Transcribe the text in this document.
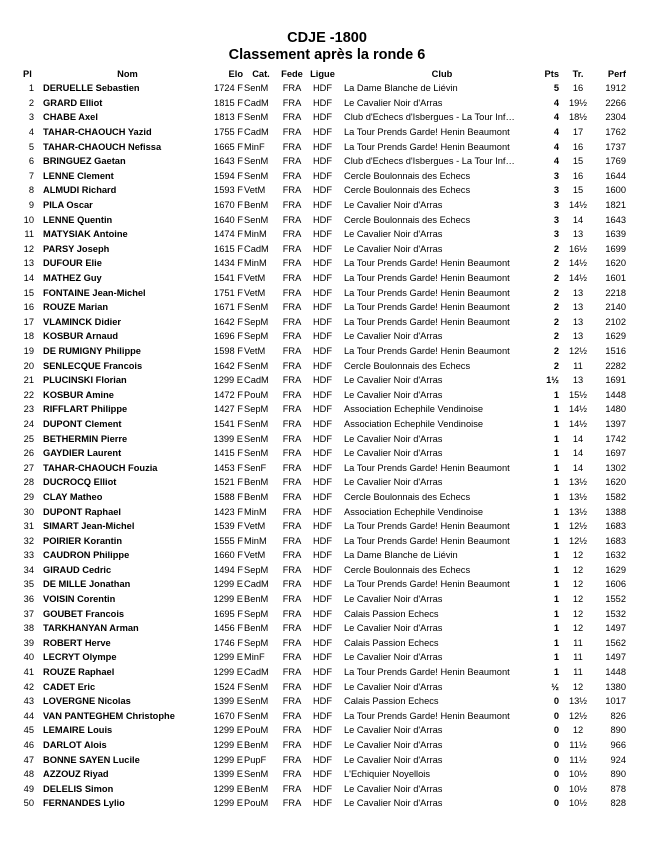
CDJE -1800
Classement après la ronde 6
Pl	Nom	Elo	Cat.	Fede	Ligue	Club	Pts	Tr.	Perf
1	DERUELLE Sebastien	1724 F	SenM	FRA	HDF	La Dame Blanche de Liévin	5	16	1912
2	GRARD Elliot	1815 F	CadM	FRA	HDF	Le Cavalier Noir d'Arras	4	19½	2266
3	CHABE Axel	1813 F	SenM	FRA	HDF	Club d'Echecs d'Isbergues - La Tour Inf…	4	18½	2304
4	TAHAR-CHAOUCH Yazid	1755 F	CadM	FRA	HDF	La Tour Prends Garde! Henin Beaumont	4	17	1762
5	TAHAR-CHAOUCH Nefissa	1665 F	MinF	FRA	HDF	La Tour Prends Garde! Henin Beaumont	4	16	1737
6	BRINGUEZ Gaetan	1643 F	SenM	FRA	HDF	Club d'Echecs d'Isbergues - La Tour Inf…	4	15	1769
7	LENNE Clement	1594 F	SenM	FRA	HDF	Cercle Boulonnais des Echecs	3	16	1644
8	ALMUDI Richard	1593 F	VetM	FRA	HDF	Cercle Boulonnais des Echecs	3	15	1600
9	PILA Oscar	1670 F	BenM	FRA	HDF	Le Cavalier Noir d'Arras	3	14½	1821
10	LENNE Quentin	1640 F	SenM	FRA	HDF	Cercle Boulonnais des Echecs	3	14	1643
11	MATYSIAK Antoine	1474 F	MinM	FRA	HDF	Le Cavalier Noir d'Arras	3	13	1639
12	PARSY Joseph	1615 F	CadM	FRA	HDF	Le Cavalier Noir d'Arras	2	16½	1699
13	DUFOUR Elie	1434 F	MinM	FRA	HDF	La Tour Prends Garde! Henin Beaumont	2	14½	1620
14	MATHEZ Guy	1541 F	VetM	FRA	HDF	La Tour Prends Garde! Henin Beaumont	2	14½	1601
15	FONTAINE Jean-Michel	1751 F	VetM	FRA	HDF	La Tour Prends Garde! Henin Beaumont	2	13	2218
16	ROUZE Marian	1671 F	SenM	FRA	HDF	La Tour Prends Garde! Henin Beaumont	2	13	2140
17	VLAMINCK Didier	1642 F	SepM	FRA	HDF	La Tour Prends Garde! Henin Beaumont	2	13	2102
18	KOSBUR Arnaud	1696 F	SepM	FRA	HDF	Le Cavalier Noir d'Arras	2	13	1629
19	DE RUMIGNY Philippe	1598 F	VetM	FRA	HDF	La Tour Prends Garde! Henin Beaumont	2	12½	1516
20	SENLECQUE Francois	1642 F	SenM	FRA	HDF	Cercle Boulonnais des Echecs	2	11	2282
21	PLUCINSKI Florian	1299 E	CadM	FRA	HDF	Le Cavalier Noir d'Arras	1½	13	1691
22	KOSBUR Amine	1472 F	PouM	FRA	HDF	Le Cavalier Noir d'Arras	1	15½	1448
23	RIFFLART Philippe	1427 F	SepM	FRA	HDF	Association Echephile Vendinoise	1	14½	1480
24	DUPONT Clement	1541 F	SenM	FRA	HDF	Association Echephile Vendinoise	1	14½	1397
25	BETHERMIN Pierre	1399 E	SenM	FRA	HDF	Le Cavalier Noir d'Arras	1	14	1742
26	GAYDIER Laurent	1415 F	SenM	FRA	HDF	Le Cavalier Noir d'Arras	1	14	1697
27	TAHAR-CHAOUCH Fouzia	1453 F	SenF	FRA	HDF	La Tour Prends Garde! Henin Beaumont	1	14	1302
28	DUCROCQ Elliot	1521 F	BenM	FRA	HDF	Le Cavalier Noir d'Arras	1	13½	1620
29	CLAY Matheo	1588 F	BenM	FRA	HDF	Cercle Boulonnais des Echecs	1	13½	1582
30	DUPONT Raphael	1423 F	MinM	FRA	HDF	Association Echephile Vendinoise	1	13½	1388
31	SIMART Jean-Michel	1539 F	VetM	FRA	HDF	La Tour Prends Garde! Henin Beaumont	1	12½	1683
32	POIRIER Korantin	1555 F	MinM	FRA	HDF	La Tour Prends Garde! Henin Beaumont	1	12½	1683
33	CAUDRON Philippe	1660 F	VetM	FRA	HDF	La Dame Blanche de Liévin	1	12	1632
34	GIRAUD Cedric	1494 F	SepM	FRA	HDF	Cercle Boulonnais des Echecs	1	12	1629
35	DE MILLE Jonathan	1299 E	CadM	FRA	HDF	La Tour Prends Garde! Henin Beaumont	1	12	1606
36	VOISIN Corentin	1299 E	BenM	FRA	HDF	Le Cavalier Noir d'Arras	1	12	1552
37	GOUBET Francois	1695 F	SepM	FRA	HDF	Calais Passion Echecs	1	12	1532
38	TARKHANYAN Arman	1456 F	BenM	FRA	HDF	Le Cavalier Noir d'Arras	1	12	1497
39	ROBERT Herve	1746 F	SepM	FRA	HDF	Calais Passion Echecs	1	11	1562
40	LECRYT Olympe	1299 E	MinF	FRA	HDF	Le Cavalier Noir d'Arras	1	11	1497
41	ROUZE Raphael	1299 E	CadM	FRA	HDF	La Tour Prends Garde! Henin Beaumont	1	11	1448
42	CADET Eric	1524 F	SenM	FRA	HDF	Le Cavalier Noir d'Arras	½	12	1380
43	LOVERGNE Nicolas	1399 E	SenM	FRA	HDF	Calais Passion Echecs	0	13½	1017
44	VAN PANTEGHEM Christophe	1670 F	SenM	FRA	HDF	La Tour Prends Garde! Henin Beaumont	0	12½	826
45	LEMAIRE Louis	1299 E	PouM	FRA	HDF	Le Cavalier Noir d'Arras	0	12	890
46	DARLOT Alois	1299 E	BenM	FRA	HDF	Le Cavalier Noir d'Arras	0	11½	966
47	BONNE SAYEN Lucile	1299 E	PupF	FRA	HDF	Le Cavalier Noir d'Arras	0	11½	924
48	AZZOUZ Riyad	1399 E	SenM	FRA	HDF	L'Echiquier Noyellois	0	10½	890
49	DELELIS Simon	1299 E	BenM	FRA	HDF	Le Cavalier Noir d'Arras	0	10½	878
50	FERNANDES Lylio	1299 E	PouM	FRA	HDF	Le Cavalier Noir d'Arras	0	10½	828
